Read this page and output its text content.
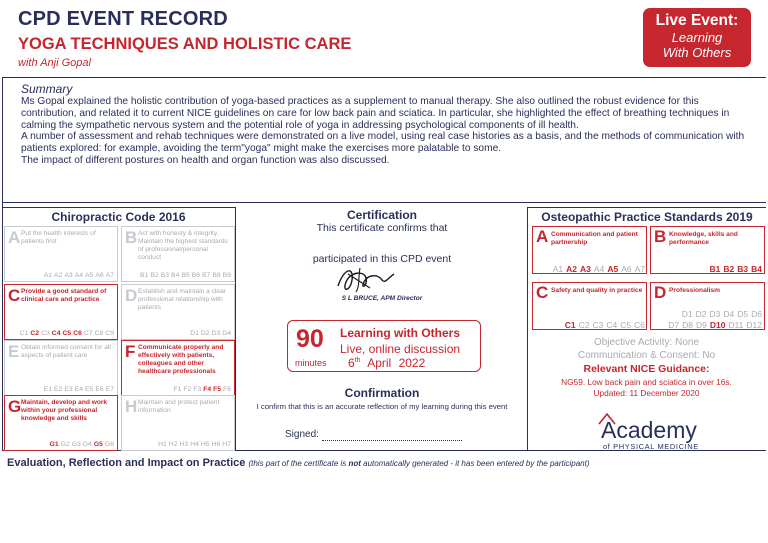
CPD EVENT RECORD
YOGA TECHNIQUES AND HOLISTIC CARE
with Anji Gopal
Live Event:
Learning
With Others
Summary
Ms Gopal explained the holistic contribution of yoga-based practices as a supplement to manual therapy. She also outlined the robust evidence for this contribution, and related it to current NICE guidelines on care for low back pain and sciatica. In particular, she highlighted the effect of breathing techniques in calming the sympathetic nervous system and the potential role of yoga in addressing psychological components of ill health.
A number of assessment and rehab techniques were demonstrated on a live model, using real case histories as a basis, and the methods of communication with patients explored: for example, avoiding the term"yoga" might make the exercises more palatable to some.
The impact of different postures on health and organ function was also discussed.
Chiropractic Code 2016
A Put the health interests of patients first
A1 A2 A3 A4 A5 A6 A7
B Act with honesty & integrity. Maintain the highest standards of professional/personal conduct
B1 B2 B3 B4 B5 B6 B7 B8 B9
C Provide a good standard of clinical care and practice
C1 C2 C3 C4 C5 C6 C7 C8 C9
D Establish and maintain a clear professional relationship with patients
D1 D2 D3 D4
E Obtain informed consent for all aspects of patient care
E1 E2 E3 E4 E5 E6 E7
F Communicate properly and effectively with patients, colleagues and other healthcare professionals
F1 F2 F3 F4 F5 F6
G Maintain, develop and work within your professional knowledge and skills
G1 G2 G3 G4 G5 G6
H Maintain and protect patient information
H1 H2 H3 H4 H5 H6 H7
Certification
This certificate confirms that
participated in this CPD event
S L BRUCE, APM Director
90
minutes
Learning with Others
Live, online discussion
6th April 2022
Confirmation
I confirm that this is an accurate reflection of my learning during this event
Signed:
Osteopathic Practice Standards 2019
A Communication and patient partnership
A1 A2 A3 A4 A5 A6 A7
B Knowledge, skills and performance
B1 B2 B3 B4
C Safety and quality in practice
C1 C2 C3 C4 C5 C6
D Professionalism
D1 D2 D3 D4 D5 D6
D7 D8 D9 D10 D11 D12
Objective Activity: None
Communication & Consent: No
Relevant NICE Guidance:
NG59. Low back pain and sciatica in over 16s.
Updated: 11 December 2020
Academy
of PHYSICAL MEDICINE
Evaluation, Reflection and Impact on Practice (this part of the certificate is not automatically generated - it has been entered by the participant)
